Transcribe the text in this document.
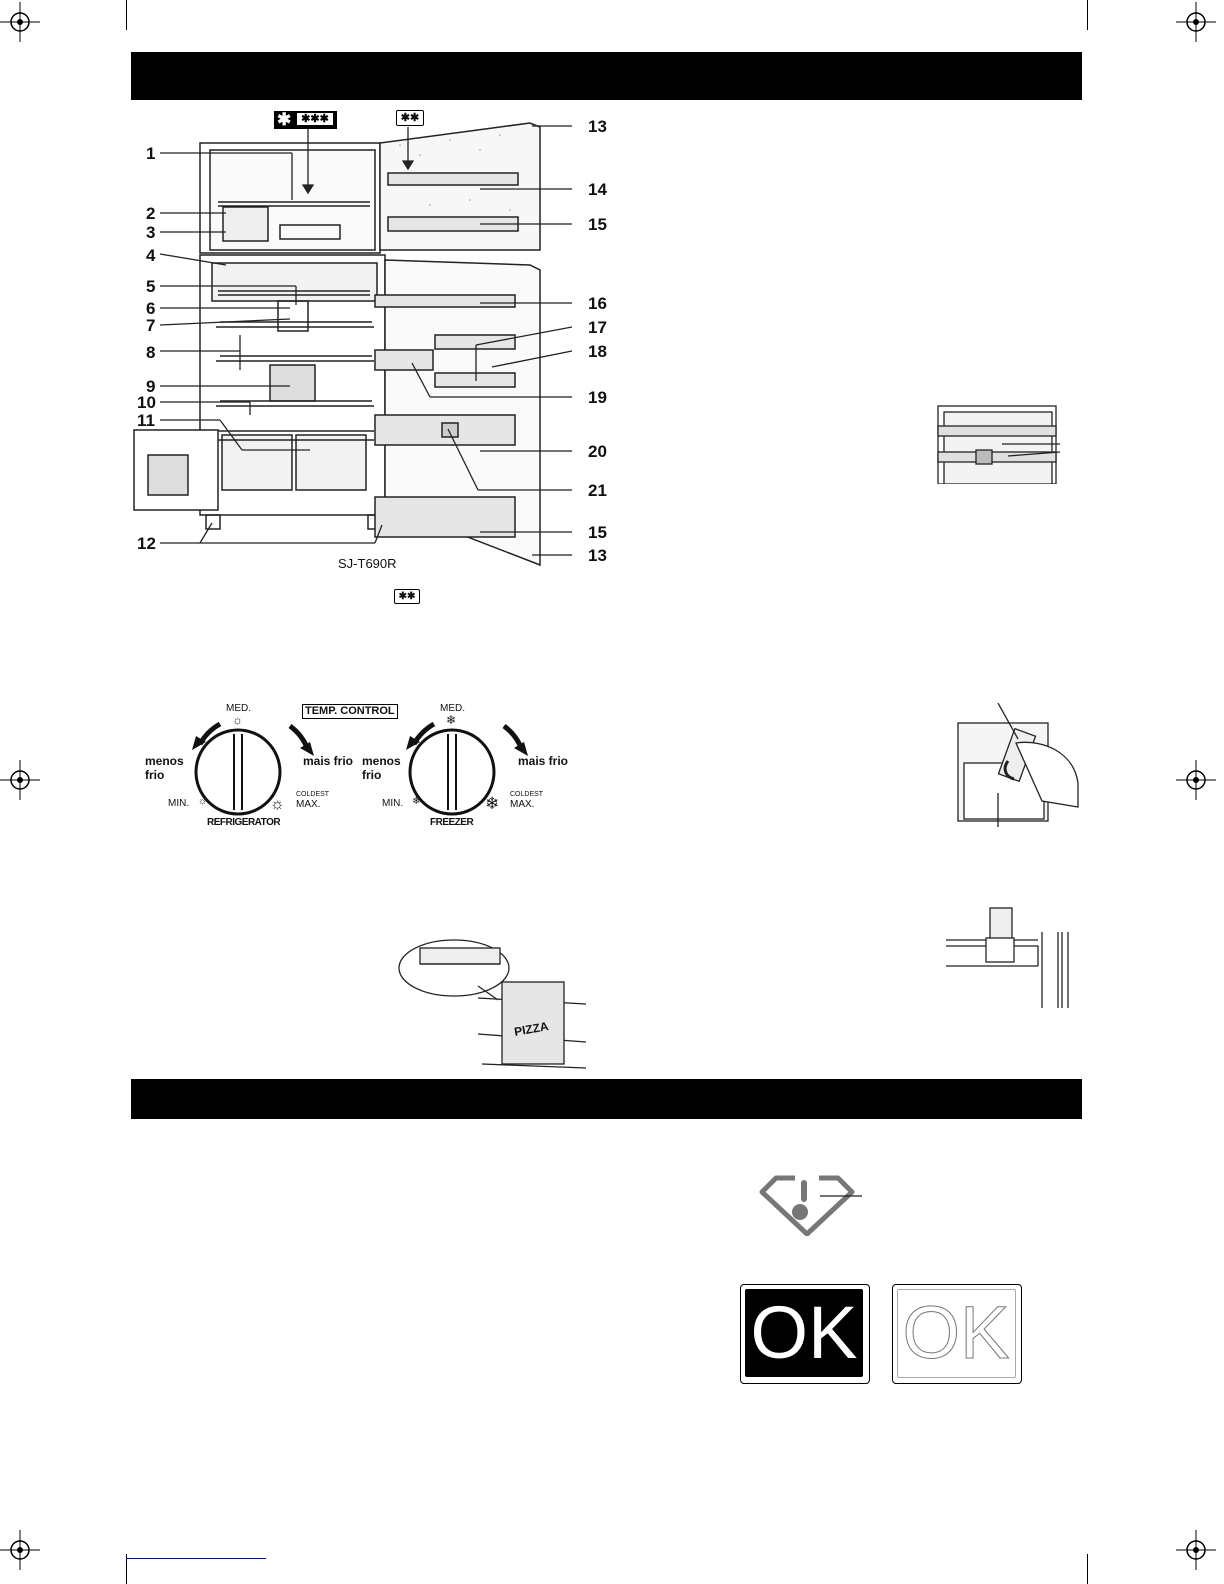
✱ ✱✱✱	✱✱
1
2
3
4
5
6
7
8
9
10
11
12
13
14
15
16
17
18
19
20
21
15
13
SJ-T690R
✱✱
TEMP. CONTROL
MED.
☼
menos frio
mais frio
MIN. ☼	☼
COLDEST
MAX.
REFRIGERATOR
MED.
❄
menos frio
mais frio
MIN. ❄	❄ COLDEST
MAX.
FREEZER
PIZZA
OK OK
